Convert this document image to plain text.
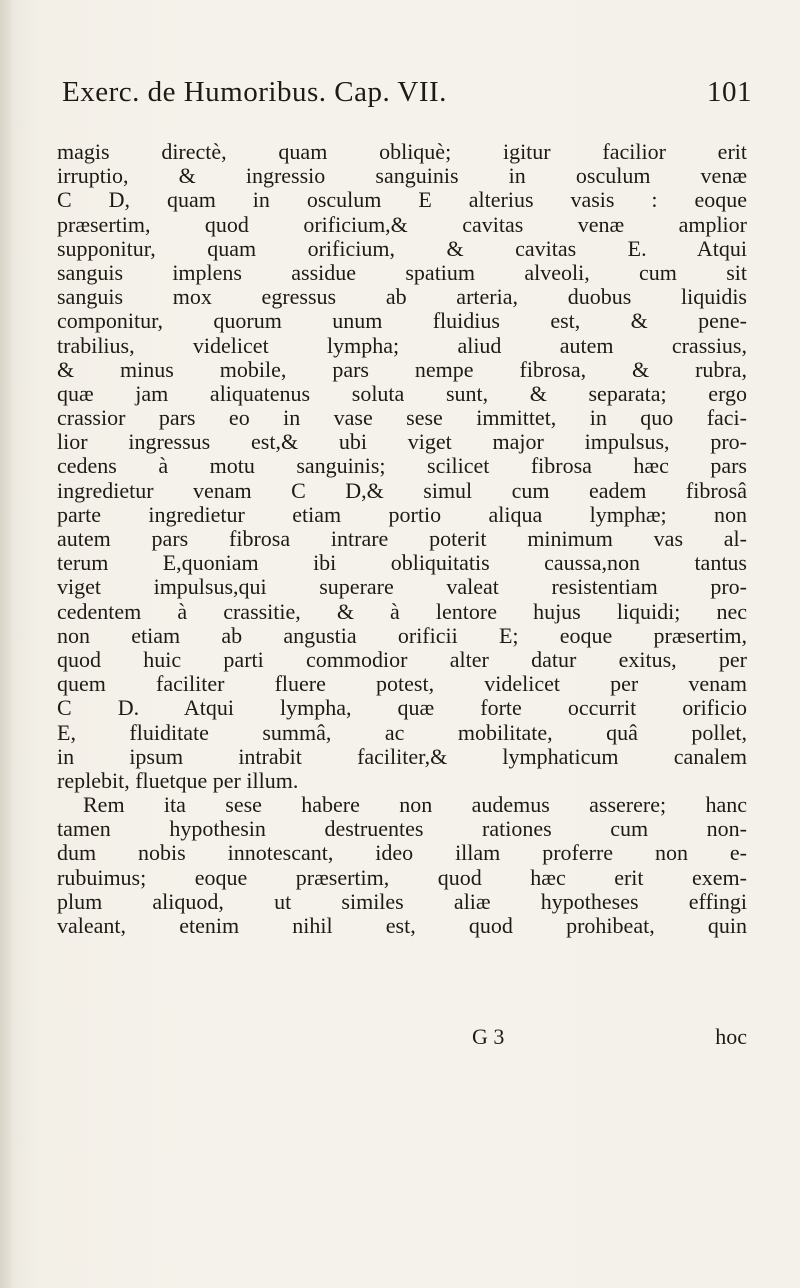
Exerc. de Humoribus. Cap. VII.	101
magis directè, quam obliquè; igitur facilior erit
irruptio, & ingressio sanguinis in osculum venæ
C D, quam in osculum E alterius vasis : eoque
præsertim, quod orificium,& cavitas venæ amplior
supponitur, quam orificium, & cavitas E. Atqui
sanguis implens assidue spatium alveoli, cum sit
sanguis mox egressus ab arteria, duobus liquidis
componitur, quorum unum fluidius est, & pene-
trabilius, videlicet lympha; aliud autem crassius,
& minus mobile, pars nempe fibrosa, & rubra,
quæ jam aliquatenus soluta sunt, & separata; ergo
crassior pars eo in vase sese immittet, in quo faci-
lior ingressus est,& ubi viget major impulsus, pro-
cedens à motu sanguinis; scilicet fibrosa hæc pars
ingredietur venam C D,& simul cum eadem fibrosâ
parte ingredietur etiam portio aliqua lymphæ; non
autem pars fibrosa intrare poterit minimum vas al-
terum E,quoniam ibi obliquitatis caussa,non tantus
viget impulsus,qui superare valeat resistentiam pro-
cedentem à crassitie, & à lentore hujus liquidi; nec
non etiam ab angustia orificii E; eoque præsertim,
quod huic parti commodior alter datur exitus, per
quem faciliter fluere potest, videlicet per venam
C D. Atqui lympha, quæ forte occurrit orificio
E, fluiditate summâ, ac mobilitate, quâ pollet,
in ipsum intrabit faciliter,& lymphaticum canalem
replebit, fluetque per illum.
Rem ita sese habere non audemus asserere; hanc
tamen hypothesin destruentes rationes cum non-
dum nobis innotescant, ideo illam proferre non e-
rubuimus; eoque præsertim, quod hæc erit exem-
plum aliquod, ut similes aliæ hypotheses effingi
valeant, etenim nihil est, quod prohibeat, quin
G 3	hoc
